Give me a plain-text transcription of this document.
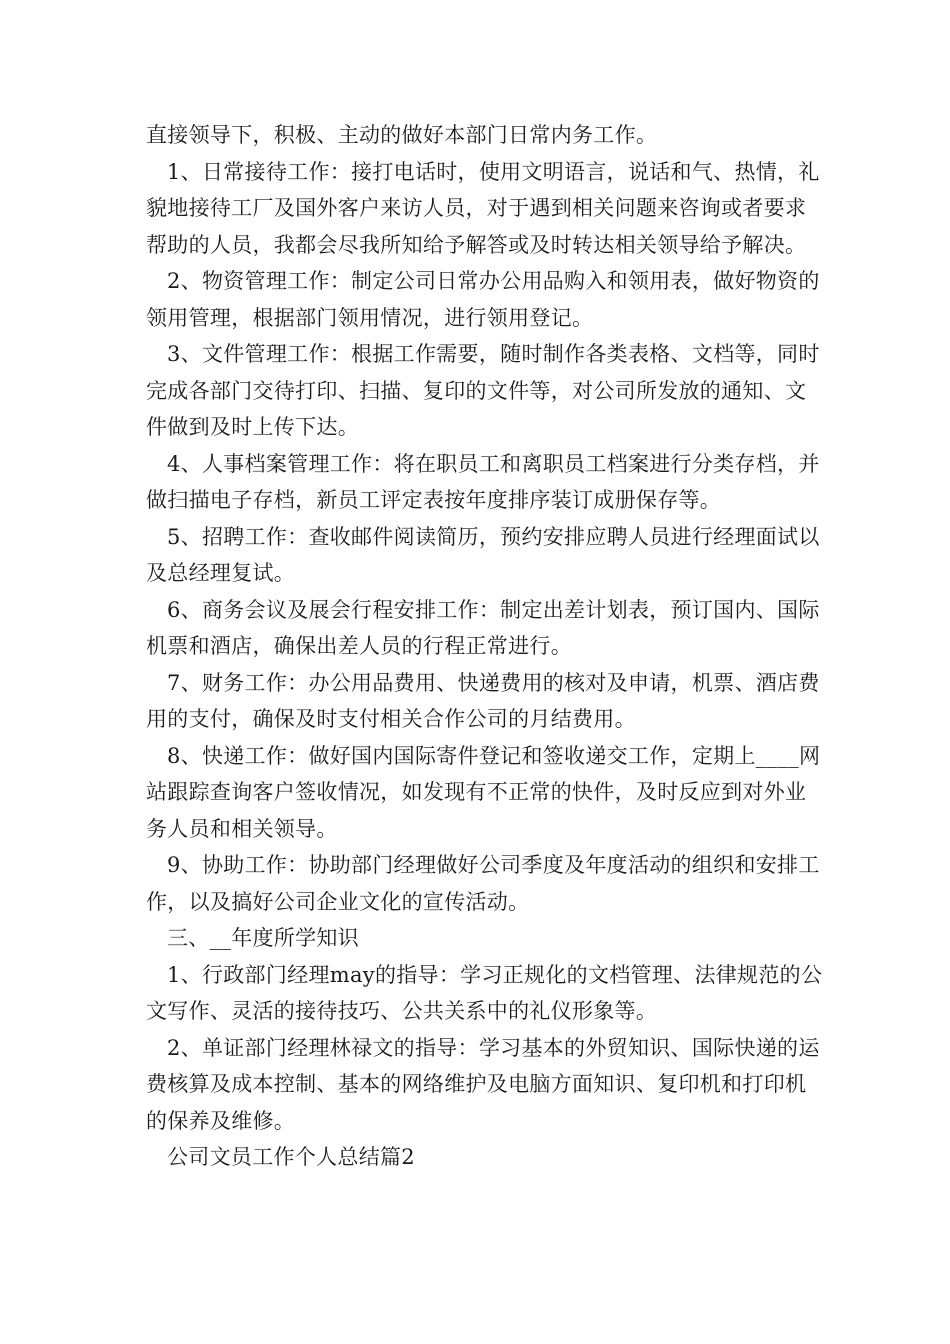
直接领导下，积极、主动的做好本部门日常内务工作。

1、日常接待工作：接打电话时，使用文明语言，说话和气、热情，礼貌地接待工厂及国外客户来访人员，对于遇到相关问题来咨询或者要求帮助的人员，我都会尽我所知给予解答或及时转达相关领导给予解决。

2、物资管理工作：制定公司日常办公用品购入和领用表，做好物资的领用管理，根据部门领用情况，进行领用登记。

3、文件管理工作：根据工作需要，随时制作各类表格、文档等，同时完成各部门交待打印、扫描、复印的文件等，对公司所发放的通知、文件做到及时上传下达。

4、人事档案管理工作：将在职员工和离职员工档案进行分类存档，并做扫描电子存档，新员工评定表按年度排序装订成册保存等。

5、招聘工作：查收邮件阅读简历，预约安排应聘人员进行经理面试以及总经理复试。

6、商务会议及展会行程安排工作：制定出差计划表，预订国内、国际机票和酒店，确保出差人员的行程正常进行。

7、财务工作：办公用品费用、快递费用的核对及申请，机票、酒店费用的支付，确保及时支付相关合作公司的月结费用。

8、快递工作：做好国内国际寄件登记和签收递交工作，定期上____网站跟踪查询客户签收情况，如发现有不正常的快件，及时反应到对外业务人员和相关领导。

9、协助工作：协助部门经理做好公司季度及年度活动的组织和安排工作，以及搞好公司企业文化的宣传活动。

三、__年度所学知识

1、行政部门经理may的指导：学习正规化的文档管理、法律规范的公文写作、灵活的接待技巧、公共关系中的礼仪形象等。

2、单证部门经理林禄文的指导：学习基本的外贸知识、国际快递的运费核算及成本控制、基本的网络维护及电脑方面知识、复印机和打印机的保养及维修。

公司文员工作个人总结篇2
